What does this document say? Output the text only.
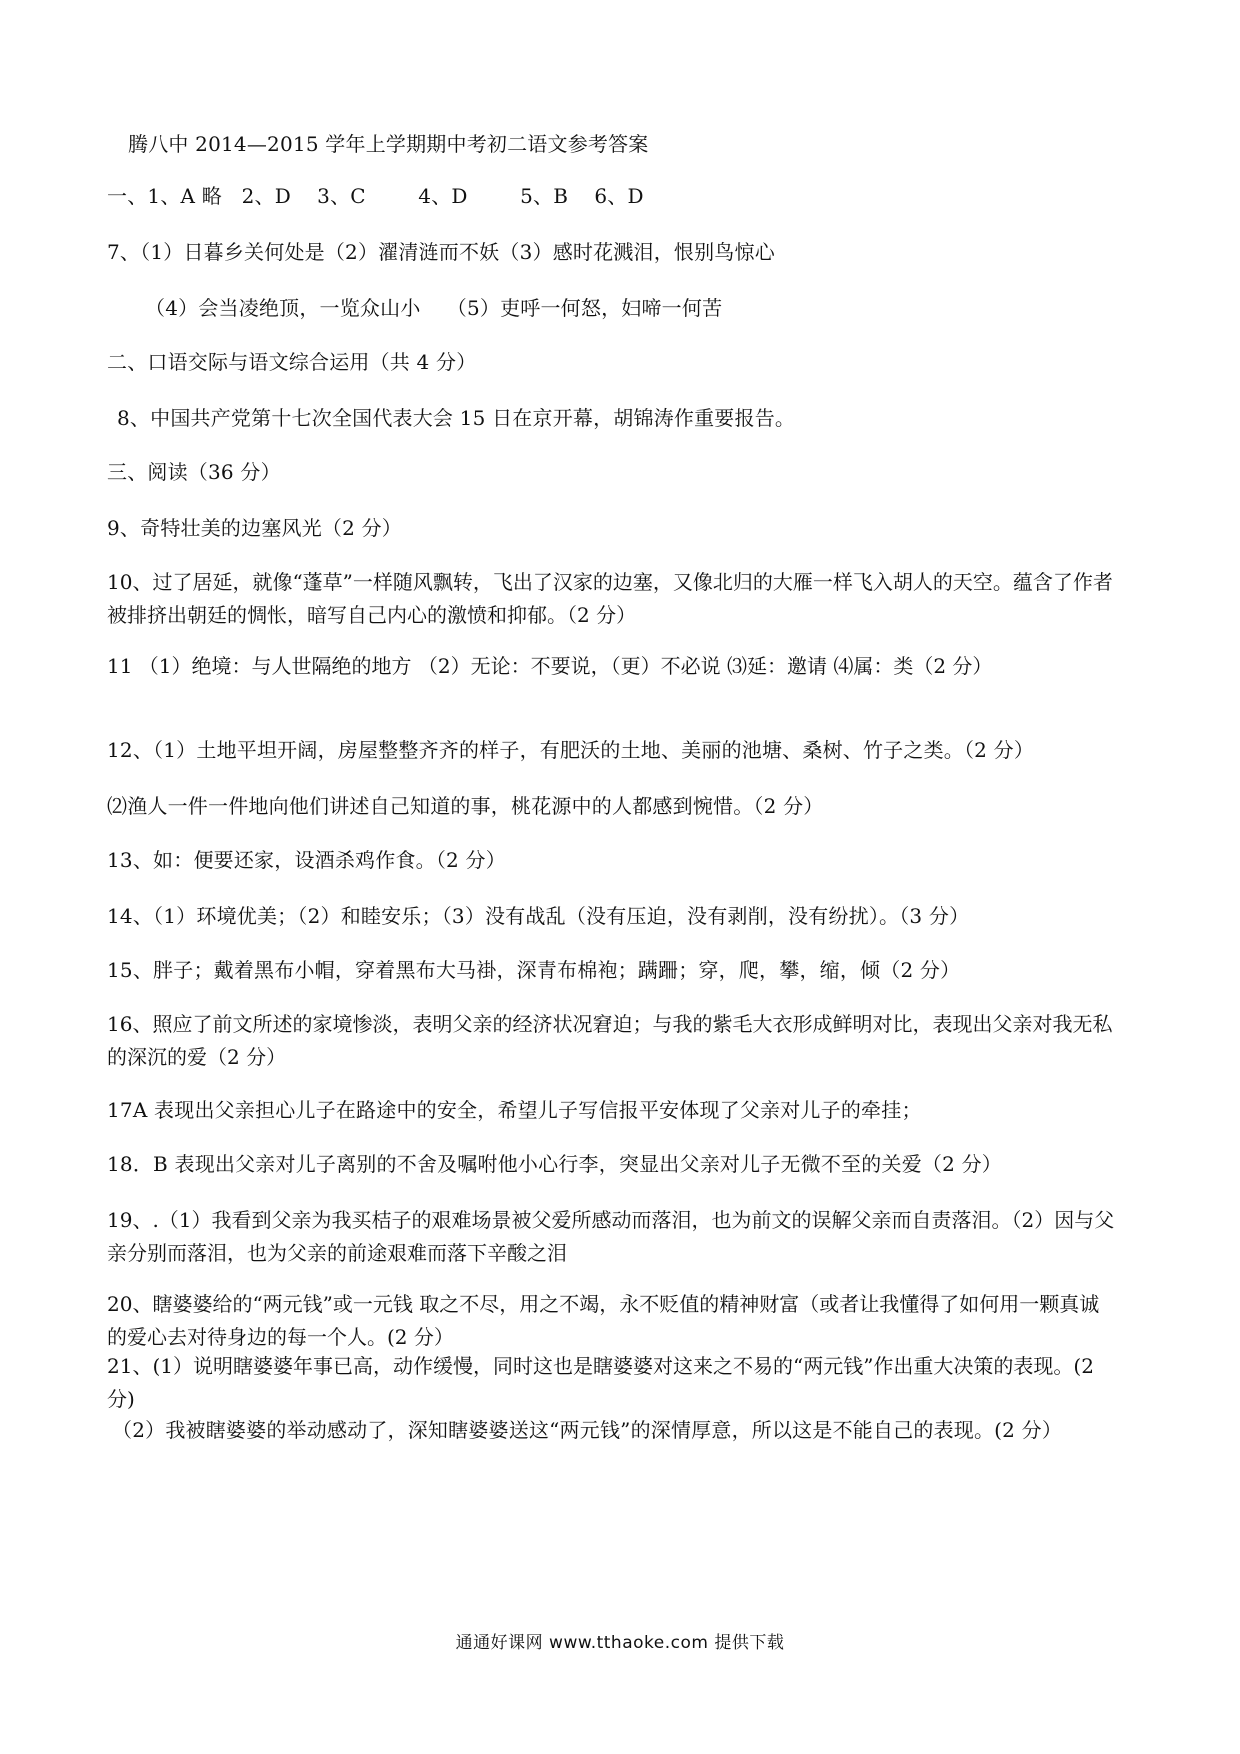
腾八中 2014—2015 学年上学期期中考初二语文参考答案
一、1、A 略   2、D    3、C        4、D        5、B    6、D
7、（1）日暮乡关何处是（2）濯清涟而不妖（3）感时花溅泪，恨别鸟惊心
（4）会当凌绝顶，一览众山小    （5）吏呼一何怒，妇啼一何苦
二、口语交际与语文综合运用（共 4 分）
8、中国共产党第十七次全国代表大会 15 日在京开幕，胡锦涛作重要报告。
三、阅读（36 分）
9、奇特壮美的边塞风光（2 分）
10、过了居延，就像“蓬草”一样随风飘转，飞出了汉家的边塞，又像北归的大雁一样飞入胡人的天空。蕴含了作者被排挤出朝廷的惆怅，暗写自己内心的激愤和抑郁。（2 分）
11 （1）绝境：与人世隔绝的地方 （2）无论：不要说，（更）不必说 ⑶延：邀请 ⑷属：类（2 分）
12、（1）土地平坦开阔，房屋整整齐齐的样子，有肥沃的土地、美丽的池塘、桑树、竹子之类。（2 分）
⑵渔人一件一件地向他们讲述自己知道的事，桃花源中的人都感到惋惜。（2 分）
13、如：便要还家，设酒杀鸡作食。（2 分）
14、（1）环境优美；（2）和睦安乐；（3）没有战乱（没有压迫，没有剥削，没有纷扰）。（3 分）
15、胖子；戴着黑布小帽，穿着黑布大马褂，深青布棉袍；蹒跚；穿，爬，攀，缩，倾（2 分）
16、照应了前文所述的家境惨淡，表明父亲的经济状况窘迫；与我的紫毛大衣形成鲜明对比，表现出父亲对我无私的深沉的爱（2 分）
17A 表现出父亲担心儿子在路途中的安全，希望儿子写信报平安体现了父亲对儿子的牵挂；
18．B 表现出父亲对儿子离别的不舍及嘱咐他小心行李，突显出父亲对儿子无微不至的关爱（2 分）
19、.（1）我看到父亲为我买桔子的艰难场景被父爱所感动而落泪，也为前文的误解父亲而自责落泪。（2）因与父亲分别而落泪，也为父亲的前途艰难而落下辛酸之泪
20、瞎婆婆给的“两元钱”或一元钱 取之不尽，用之不竭，永不贬值的精神财富（或者让我懂得了如何用一颗真诚的爱心去对待身边的每一个人。(2 分）
21、(1）说明瞎婆婆年事已高，动作缓慢，同时这也是瞎婆婆对这来之不易的“两元钱”作出重大决策的表现。(2 分)
（2）我被瞎婆婆的举动感动了，深知瞎婆婆送这“两元钱”的深情厚意，所以这是不能自己的表现。(2 分）
通通好课网 www.tthaoke.com 提供下载
